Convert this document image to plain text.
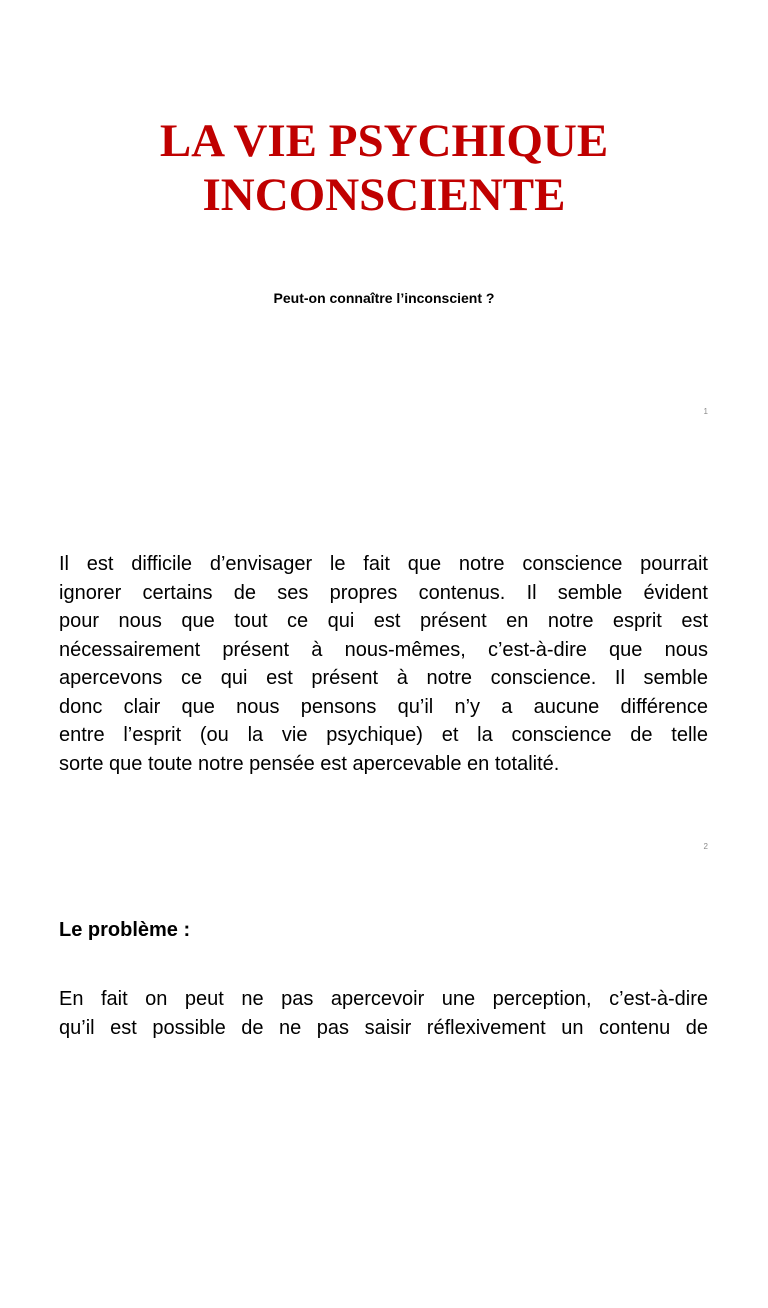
LA VIE PSYCHIQUE
INCONSCIENTE
Peut-on connaître l’inconscient ?
1

Il est difficile d’envisager le fait que notre conscience pourrait
ignorer certains de ses propres contenus. Il semble évident
pour nous que tout ce qui est présent en notre esprit est
nécessairement présent à nous-mêmes, c’est-à-dire que nous
apercevons ce qui est présent à notre conscience. Il semble
donc clair que nous pensons qu’il n’y a aucune différence
entre l’esprit (ou la vie psychique) et la conscience de telle
sorte que toute notre pensée est apercevable en totalité.

2
Le problème :

En fait on peut ne pas apercevoir une perception, c’est-à-dire
qu’il est possible de ne pas saisir réflexivement un contenu de
